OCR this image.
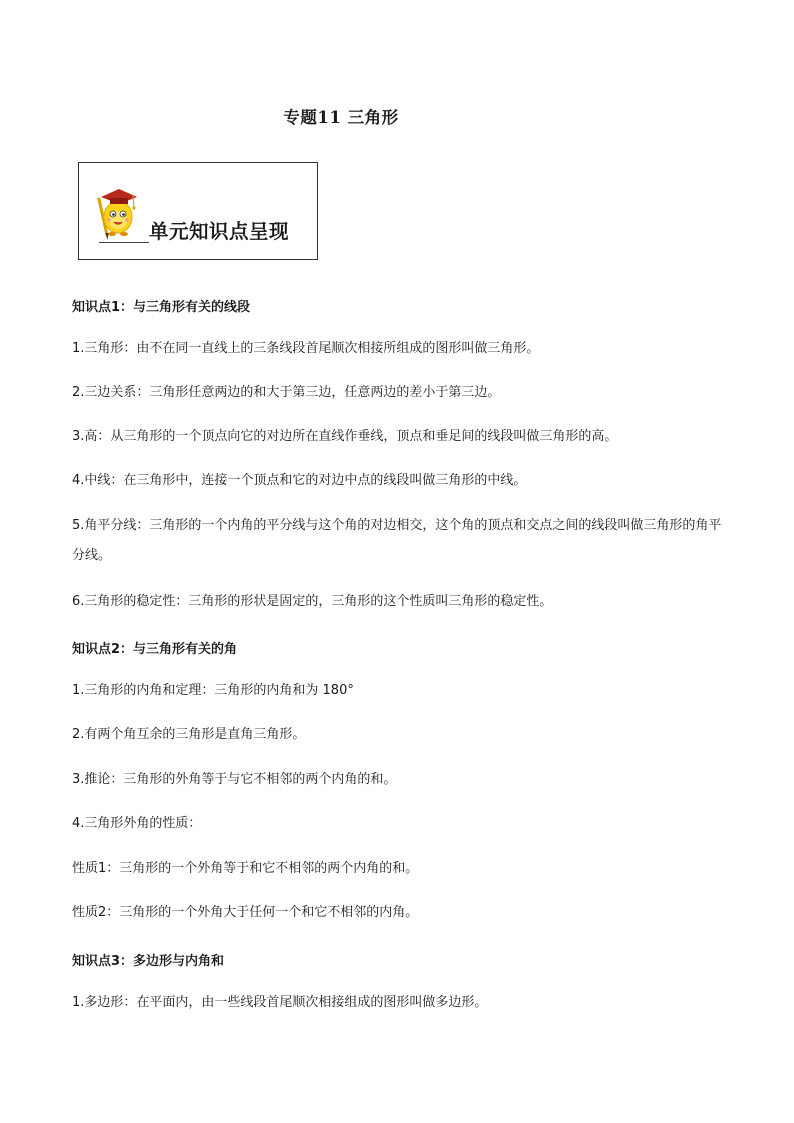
专题11 三角形
单元知识点呈现
知识点1：与三角形有关的线段
1.三角形：由不在同一直线上的三条线段首尾顺次相接所组成的图形叫做三角形。
2.三边关系：三角形任意两边的和大于第三边，任意两边的差小于第三边。
3.高：从三角形的一个顶点向它的对边所在直线作垂线，顶点和垂足间的线段叫做三角形的高。
4.中线：在三角形中，连接一个顶点和它的对边中点的线段叫做三角形的中线。
5.角平分线：三角形的一个内角的平分线与这个角的对边相交，这个角的顶点和交点之间的线段叫做三角形的角平分线。
6.三角形的稳定性：三角形的形状是固定的，三角形的这个性质叫三角形的稳定性。
知识点2：与三角形有关的角
1.三角形的内角和定理：三角形的内角和为 180°
2.有两个角互余的三角形是直角三角形。
3.推论：三角形的外角等于与它不相邻的两个内角的和。
4.三角形外角的性质：
性质1：三角形的一个外角等于和它不相邻的两个内角的和。
性质2：三角形的一个外角大于任何一个和它不相邻的内角。
知识点3：多边形与内角和
1.多边形：在平面内，由一些线段首尾顺次相接组成的图形叫做多边形。
